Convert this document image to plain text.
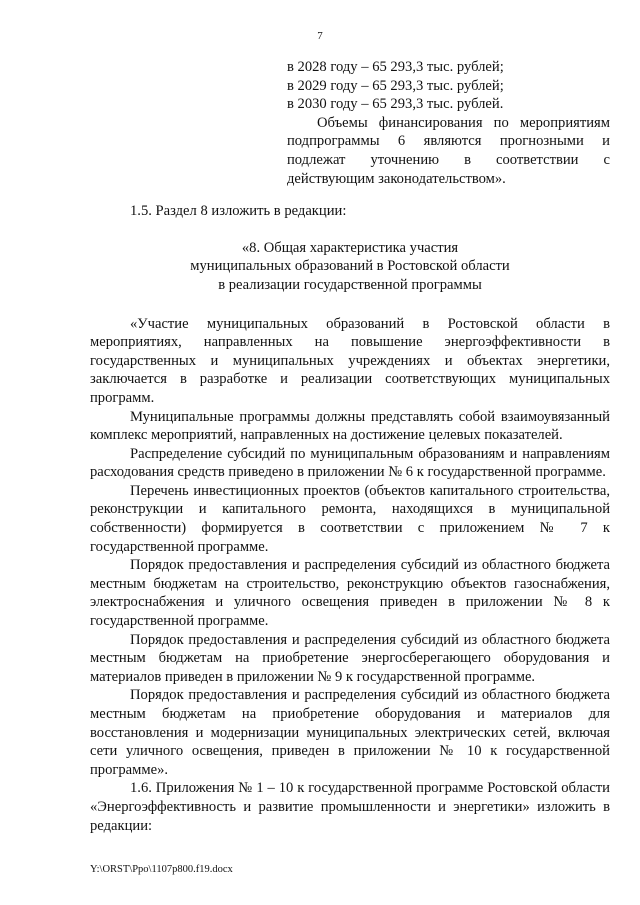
7

в 2028 году – 65 293,3 тыс. рублей;

в 2029 году – 65 293,3 тыс. рублей;

в 2030 году – 65 293,3 тыс. рублей.

Объемы финансирования по мероприятиям подпрограммы 6 являются прогнозными и подлежат уточнению в соответствии с действующим законодательством».

1.5. Раздел 8 изложить в редакции:

«8. Общая характеристика участия

муниципальных образований в Ростовской области

в реализации государственной программы

«Участие муниципальных образований в Ростовской области в мероприятиях, направленных на повышение энергоэффективности в государственных и муниципальных учреждениях и объектах энергетики, заключается в разработке и реализации соответствующих муниципальных программ.

Муниципальные программы должны представлять собой взаимоувязанный комплекс мероприятий, направленных на достижение целевых показателей.

Распределение субсидий по муниципальным образованиям и направлениям расходования средств приведено в приложении № 6 к государственной программе.

Перечень инвестиционных проектов (объектов капитального строительства, реконструкции и капитального ремонта, находящихся в муниципальной собственности) формируется в соответствии с приложением № 7 к государственной программе.

Порядок предоставления и распределения субсидий из областного бюджета местным бюджетам на строительство, реконструкцию объектов газоснабжения, электроснабжения и уличного освещения приведен в приложении № 8 к государственной программе.

Порядок предоставления и распределения субсидий из областного бюджета местным бюджетам на приобретение энергосберегающего оборудования и материалов приведен в приложении № 9 к государственной программе.

Порядок предоставления и распределения субсидий из областного бюджета местным бюджетам на приобретение оборудования и материалов для восстановления и модернизации муниципальных электрических сетей, включая сети уличного освещения, приведен в приложении № 10 к государственной программе».

1.6. Приложения № 1 – 10 к государственной программе Ростовской области «Энергоэффективность и развитие промышленности и энергетики» изложить в редакции:

Y:\ORST\Ppo\1107p800.f19.docx
